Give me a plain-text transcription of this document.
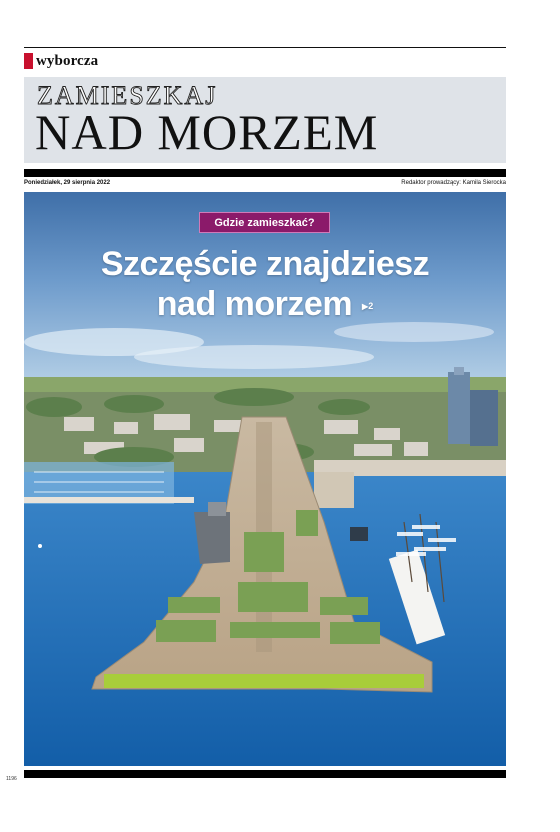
wyborcza
ZAMIESZKAJ
NAD MORZEM
Poniedziałek, 29 sierpnia 2022	Redaktor prowadzący: Kamila Sierocka
Gdzie zamieszkać?
Szczęście znajdziesz
nad morzem ▶2
1196
